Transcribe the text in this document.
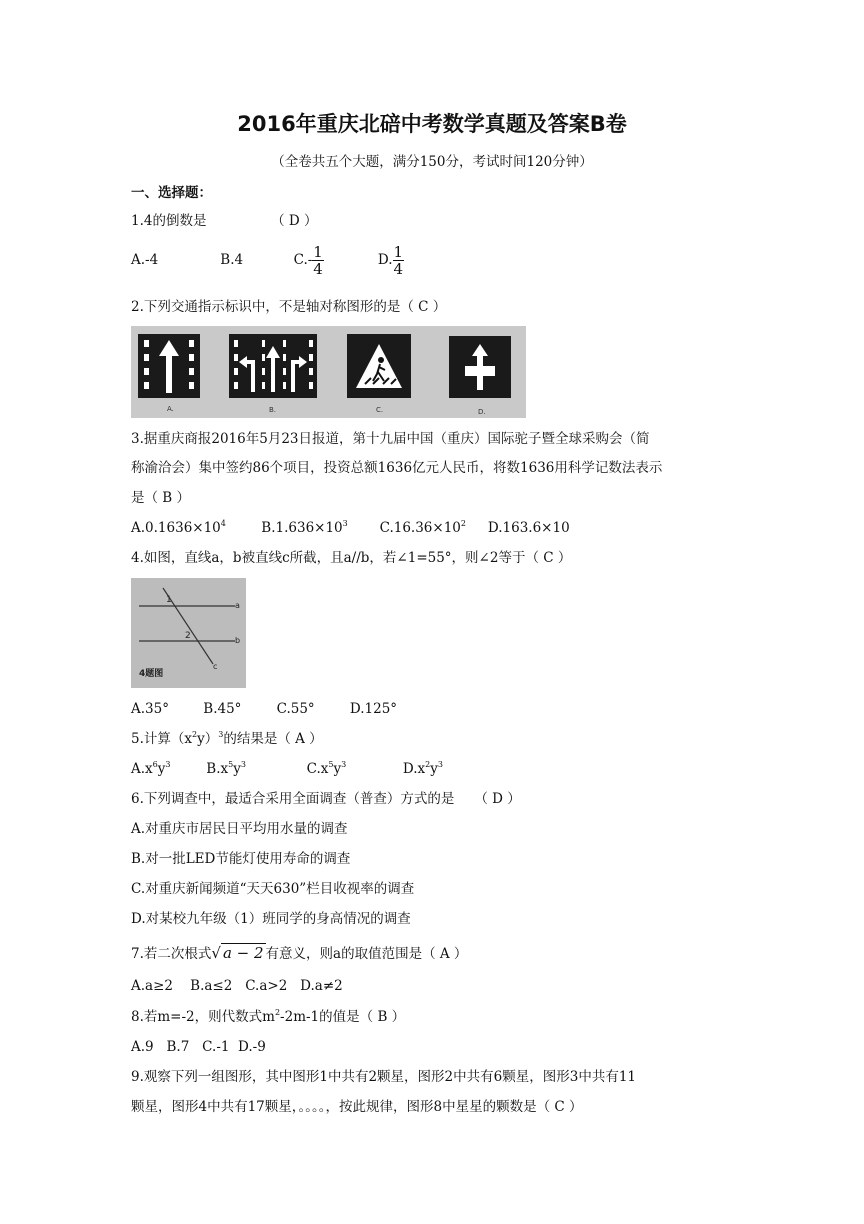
2016年重庆北碚中考数学真题及答案B卷
（全卷共五个大题，满分150分，考试时间120分钟）
一、选择题：
1.4的倒数是	（ D ）
A.-4	B.4	$C.- \frac{1}{4}$	D. $\frac{1}{4}$
2.下列交通指示标识中，不是轴对称图形的是（ C ）
A.	B.	C.	D.
3.据重庆商报2016年5月23日报道，第十九届中国（重庆）国际驼子暨全球采购会（简
称渝洽会）集中签约86个项目，投资总额1636亿元人民币，将数1636用科学记数法表示
是（ B ）
$A.0.1636\times 10^4$	$B.1.636\times 10^3$ $C.16.36\times 10^2$ D.163.6×10
4.如图，直线a，b被直线c所截，且a//b，若∠1=55°，则∠2等于（ C ）
1
2
a
b
c
4题图
A.35°	B.45°	C.55°	D.125°
5.计算$(x^2y)^3$的结果是（ A ）
$A.x^6y^3$	$B.x^5y^3$	$C.x^5y^3$	$D.x^2y^3$
6.下列调查中，最适合采用全面调查（普查）方式的是 （ D ）
A.对重庆市居民日平均用水量的调查
B.对一批LED节能灯使用寿命的调查
C.对重庆新闻频道“天天630”栏目收视率的调查
D.对某校九年级（1）班同学的身高情况的调查
7.若二次根式√ a − 2 有意义，则a的取值范围是（ A ）
A.a≥2    B.a≤2   C.a>2   D.a≠2
8.若m=-2，则代数式$m^2-2m-1$的值是（ B ）
A.9   B.7   C.-1  D.-9
9.观察下列一组图形，其中图形1中共有2颗星，图形2中共有6颗星，图形3中共有11
颗星，图形4中共有17颗星，。。。。，按此规律，图形8中星星的颗数是（ C ）
